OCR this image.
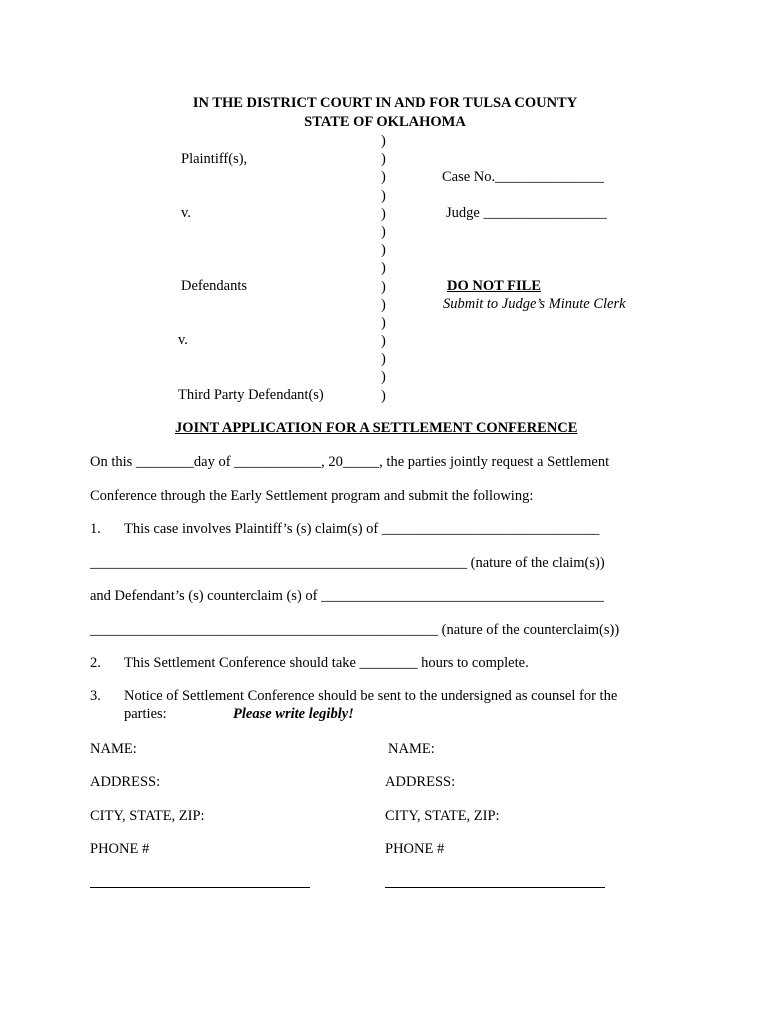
IN THE DISTRICT COURT IN AND FOR TULSA COUNTY
STATE OF OKLAHOMA
Plaintiff(s),
v.
Defendants
v.
Third Party Defendant(s)
)
)
)
)
)
)
)
)
)
)
)
)
)
)
)
Case No._______________
Judge _________________
DO NOT FILE
Submit to Judge’s Minute Clerk
JOINT APPLICATION FOR A SETTLEMENT CONFERENCE
On this ________day of ____________, 20_____, the parties jointly request a Settlement
Conference through the Early Settlement program and submit the following:
1. This case involves Plaintiff’s (s) claim(s) of ______________________________
____________________________________________________ (nature of the claim(s))
and Defendant’s (s) counterclaim (s) of _______________________________________
________________________________________________ (nature of the counterclaim(s))
2. This Settlement Conference should take ________ hours to complete.
3. Notice of Settlement Conference should be sent to the undersigned as counsel for the
parties:	Please write legibly!
NAME:
ADDRESS:
CITY, STATE, ZIP:
PHONE #
NAME:
ADDRESS:
CITY, STATE, ZIP:
PHONE #
